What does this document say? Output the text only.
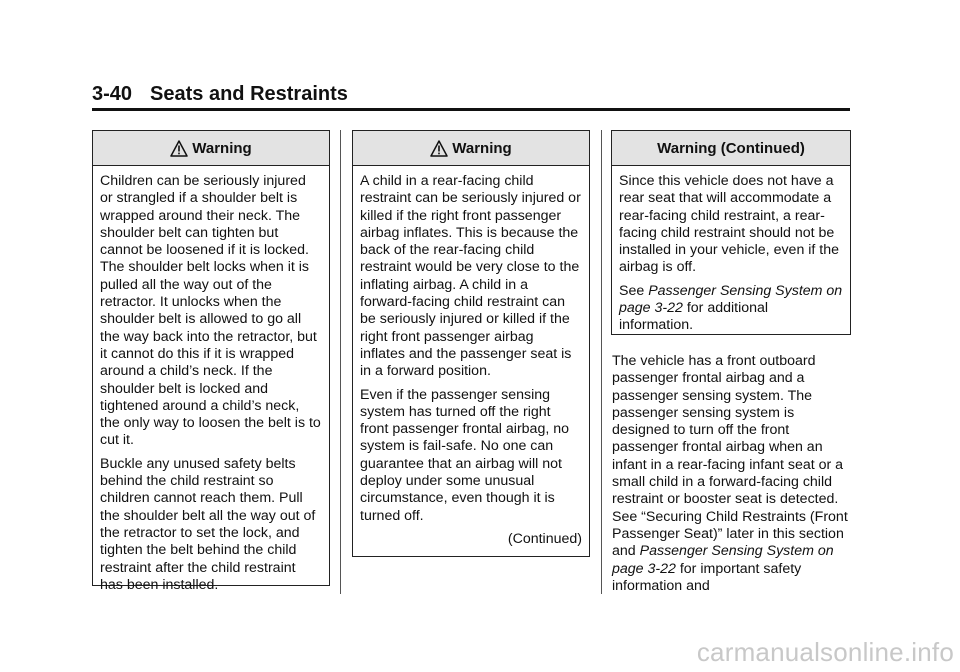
3-40 Seats and Restraints
Warning

Children can be seriously injured or strangled if a shoulder belt is wrapped around their neck. The shoulder belt can tighten but cannot be loosened if it is locked. The shoulder belt locks when it is pulled all the way out of the retractor. It unlocks when the shoulder belt is allowed to go all the way back into the retractor, but it cannot do this if it is wrapped around a child’s neck. If the shoulder belt is locked and tightened around a child’s neck, the only way to loosen the belt is to cut it.

Buckle any unused safety belts behind the child restraint so children cannot reach them. Pull the shoulder belt all the way out of the retractor to set the lock, and tighten the belt behind the child restraint after the child restraint has been installed.

Warning

A child in a rear-facing child restraint can be seriously injured or killed if the right front passenger airbag inflates. This is because the back of the rear-facing child restraint would be very close to the inflating airbag. A child in a forward-facing child restraint can be seriously injured or killed if the right front passenger airbag inflates and the passenger seat is in a forward position.

Even if the passenger sensing system has turned off the right front passenger frontal airbag, no system is fail-safe. No one can guarantee that an airbag will not deploy under some unusual circumstance, even though it is turned off.

(Continued)
Warning (Continued)

Since this vehicle does not have a rear seat that will accommodate a rear-facing child restraint, a rear-facing child restraint should not be installed in your vehicle, even if the airbag is off.

See Passenger Sensing System on page 3-22 for additional information.

The vehicle has a front outboard passenger frontal airbag and a passenger sensing system. The passenger sensing system is designed to turn off the front passenger frontal airbag when an infant in a rear-facing infant seat or a small child in a forward-facing child restraint or booster seat is detected. See “Securing Child Restraints (Front Passenger Seat)” later in this section and Passenger Sensing System on page 3-22 for important safety information and

carmanualsonline.info
